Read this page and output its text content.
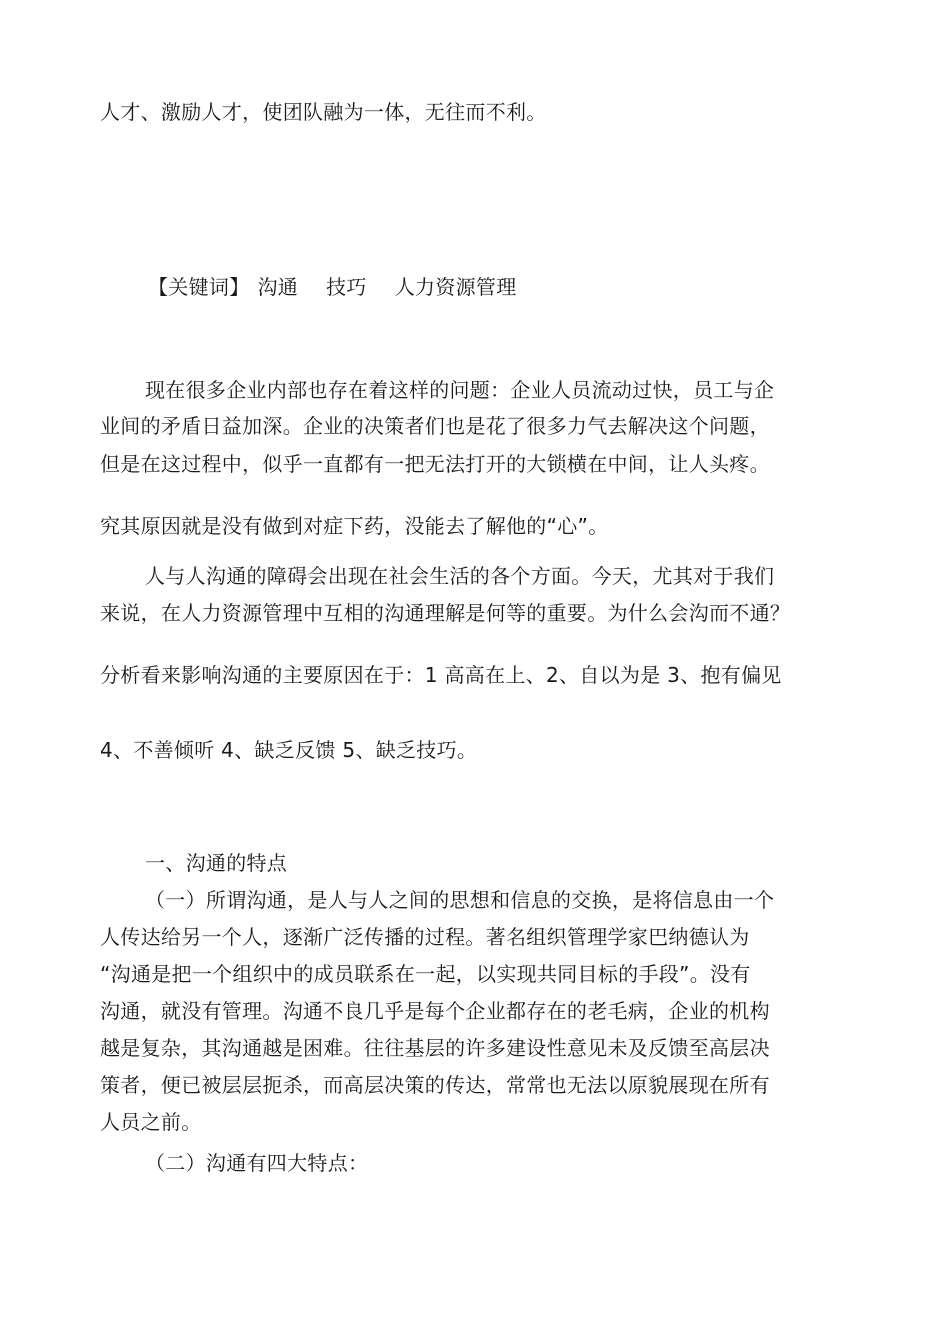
人才、激励人才，使团队融为一体，无往而不利。
【关键词】 沟通 技巧 人力资源管理
现在很多企业内部也存在着这样的问题：企业人员流动过快，员工与企
业间的矛盾日益加深。企业的决策者们也是花了很多力气去解决这个问题，
但是在这过程中，似乎一直都有一把无法打开的大锁横在中间，让人头疼。
究其原因就是没有做到对症下药，没能去了解他的“心”。
人与人沟通的障碍会出现在社会生活的各个方面。今天，尤其对于我们
来说，在人力资源管理中互相的沟通理解是何等的重要。为什么会沟而不通？
分析看来影响沟通的主要原因在于：1 高高在上、2、自以为是 3、抱有偏见
4、不善倾听 4、缺乏反馈 5、缺乏技巧。
一、沟通的特点
（一）所谓沟通，是人与人之间的思想和信息的交换，是将信息由一个
人传达给另一个人，逐渐广泛传播的过程。著名组织管理学家巴纳德认为
“沟通是把一个组织中的成员联系在一起，以实现共同目标的手段”。没有
沟通，就没有管理。沟通不良几乎是每个企业都存在的老毛病，企业的机构
越是复杂，其沟通越是困难。往往基层的许多建设性意见未及反馈至高层决
策者，便已被层层扼杀，而高层决策的传达，常常也无法以原貌展现在所有
人员之前。
（二）沟通有四大特点：
